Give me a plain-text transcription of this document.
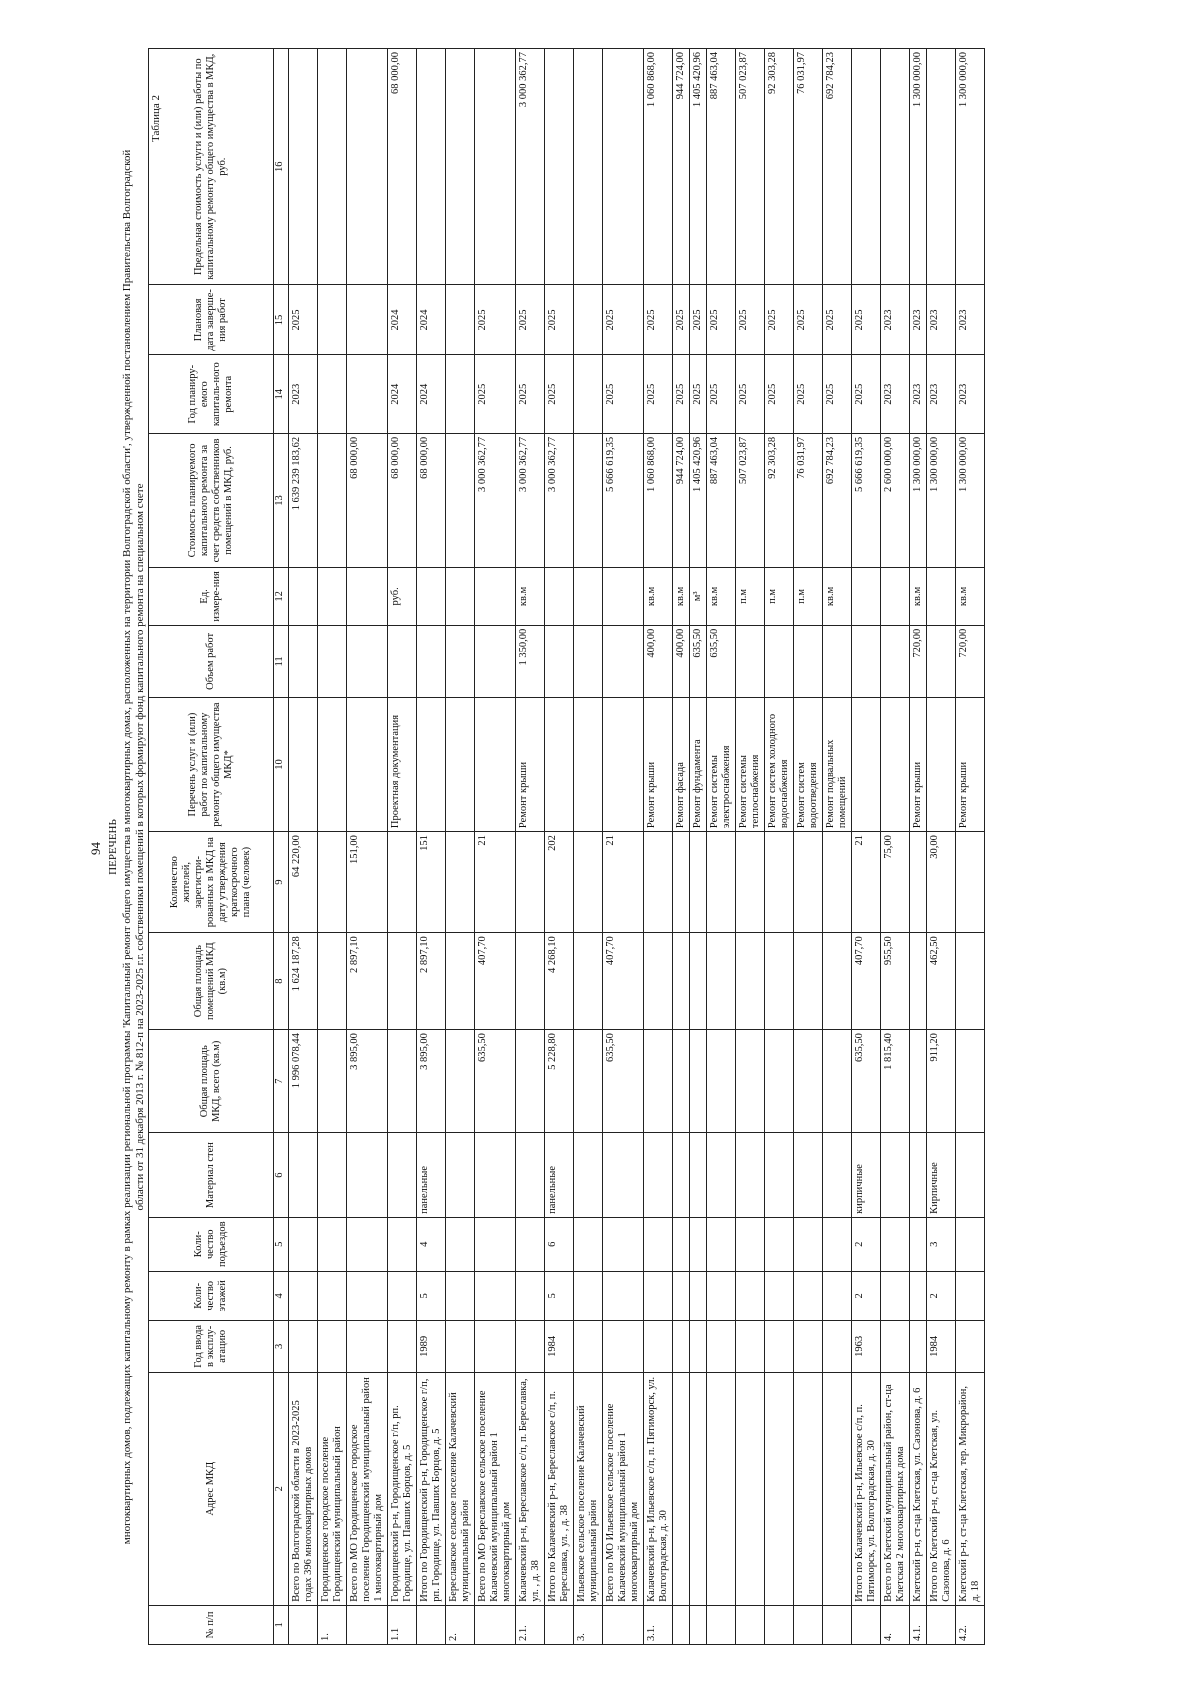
94
Таблица 2
ПЕРЕЧЕНЬ многоквартирных домов, подлежащих капитальному ремонту в рамках реализации региональной программы 'Капитальный ремонт общего имущества в многоквартирных домах, расположенных на территории Волгоградской области', утвержденной постановлением Правительства Волгоградской области от 31 декабря 2013 г. № 812-п на 2023-2025 г.г. собственники помещений в которых формируют фонд капитального ремонта на специальном счете
№ п/п	Адрес МКД	Год ввода в эксплу-атацию	Коли-чество этажей	Коли-чество подъездов	Материал стен	Общая площадь МКД, всего (кв.м)	Общая площадь помещений МКД (кв.м)	Количество жителей, зарегистри-рованных в МКД на дату утверждения краткосрочного плана (человек)	Перечень услуг и (или) работ по капитальному ремонту общего имущества МКД*	Объем работ	Ед. измере-ния	Стоимость планируемого капитального ремонта за счет средств собственников помещений в МКД, руб.	Год планиру-емого капиталь-ного ремонта	Плановая дата заверше-ния работ	Предельная стоимость услуги и (или) работы по капитальному ремонту общего имущества в МКД, руб.
1	2	3	4	5	6	7	8	9	10	11	12	13	14	15	16
	Всего по Волгоградской области в 2023-2025 годах 396 многоквартирных домов					1 996 078,44	1 624 187,28	64 220,00				1 639 239 183,62	2023	2025	
1.	Городищенское городское поселение Городищенский муниципальный район														
	Всего по МО Городищенское городское поселение Городищенский муниципальный район 1 многоквартирный дом					3 895,00	2 897,10	151,00				68 000,00			
1.1	Городищенский р-н, Городищенское г/п, рп. Городище, ул. Павших Борцов, д. 5								Проектная документация		руб.	68 000,00	2024	2024	68 000,00
	Итого по Городищенский р-н, Городищенское г/п, рп. Городище, ул. Павших Борцов, д. 5	1989	5	4	панельные	3 895,00	2 897,10	151				68 000,00	2024	2024	
2.	Береславское сельское поселение Калачевский муниципальный район														
	Всего по МО Береславское сельское поселение Калачевский муниципальный район 1 многоквартирный дом					635,50	407,70	21				3 000 362,77	2025	2025	
2.1.	Калачевский р-н, Береславское с/п, п. Береславка, ул. , д. 38								Ремонт крыши	1 350,00	кв.м	3 000 362,77	2025	2025	3 000 362,77
	Итого по Калачевский р-н, Береславское с/п, п. Береславка, ул. , д. 38	1984	5	6	панельные	5 228,80	4 268,10	202				3 000 362,77	2025	2025	
3.	Ильевское сельское поселение Калачевский муниципальный район														
	Всего по МО Ильевское сельское поселение Калачевский муниципальный район 1 многоквартирный дом					635,50	407,70	21				5 666 619,35	2025	2025	
3.1.	Калачевский р-н, Ильевское с/п, п. Пятиморск, ул. Волгоградская, д. 30								Ремонт крыши	400,00	кв.м	1 060 868,00	2025	2025	1 060 868,00
									Ремонт фасада	400,00	кв.м	944 724,00	2025	2025	944 724,00
									Ремонт фундамента	635,50	м³	1 405 420,96	2025	2025	1 405 420,96
									Ремонт системы электроснабжения	635,50	кв.м	887 463,04	2025	2025	887 463,04
									Ремонт системы теплоснабжения		п.м	507 023,87	2025	2025	507 023,87
									Ремонт систем холодного водоснабжения		п.м	92 303,28	2025	2025	92 303,28
									Ремонт систем водоотведения		п.м	76 031,97	2025	2025	76 031,97
									Ремонт подвальных помещений		кв.м	692 784,23	2025	2025	692 784,23
	Итого по Калачевский р-н, Ильевское с/п, п. Пятиморск, ул. Волгоградская, д. 30	1963	2	2	кирпичные	635,50	407,70	21				5 666 619,35	2025	2025	
4.	Всего по Клетский муниципальный район, ст-ца Клетская 2 многоквартирных дома					1 815,40	955,50	75,00				2 600 000,00	2023	2023	
4.1.	Клетский р-н, ст-ца Клетская, ул. Сазонова, д. 6								Ремонт крыши	720,00	кв.м	1 300 000,00	2023	2023	1 300 000,00
	Итого по Клетский р-н, ст-ца Клетская, ул. Сазонова, д. 6	1984	2	3	Кирпичные	911,20	462,50	30,00				1 300 000,00	2023	2023	
4.2.	Клетский р-н, ст-ца Клетская, тер. Микрорайон, д. 18								Ремонт крыши	720,00	кв.м	1 300 000,00	2023	2023	1 300 000,00
